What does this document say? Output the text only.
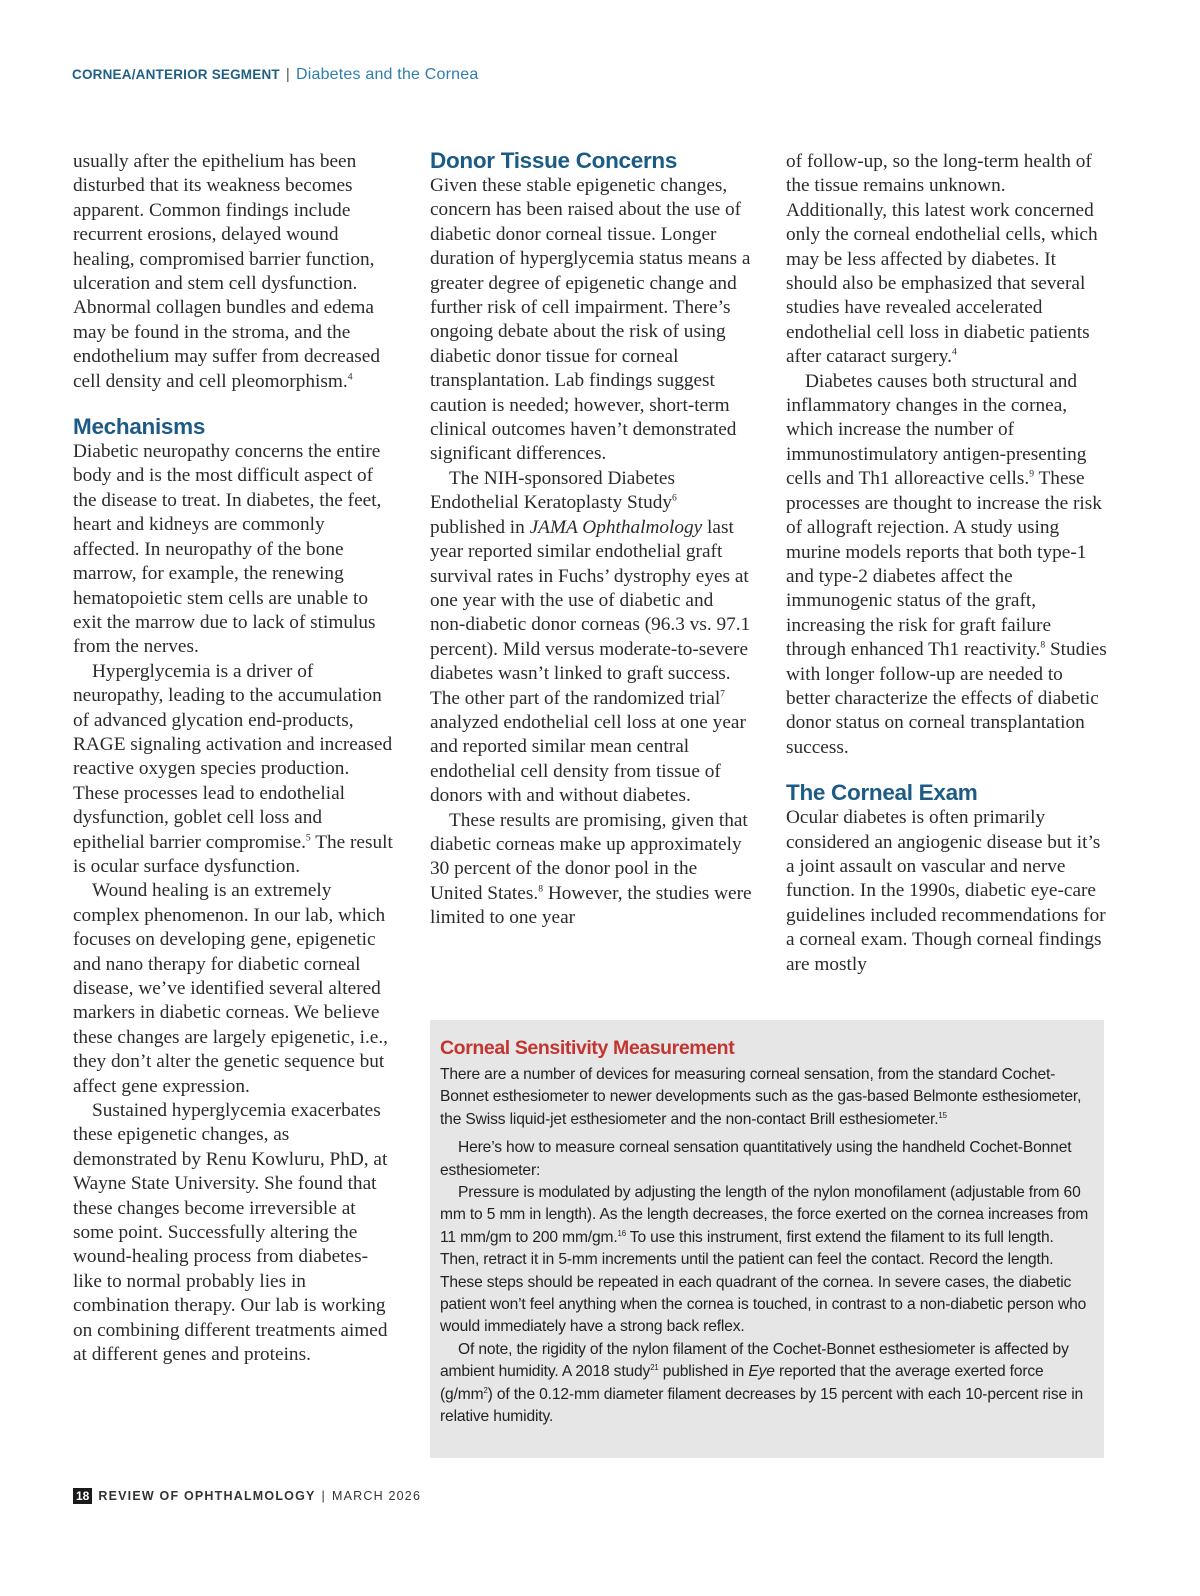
CORNEA/ANTERIOR SEGMENT | Diabetes and the Cornea

usually after the epithelium has been disturbed that its weakness becomes apparent. Common findings include recurrent erosions, delayed wound healing, compromised barrier function, ulceration and stem cell dysfunction. Abnormal collagen bundles and edema may be found in the stroma, and the endothelium may suffer from decreased cell density and cell pleomorphism.$^4$

Mechanisms

Diabetic neuropathy concerns the entire body and is the most difficult aspect of the disease to treat. In diabetes, the feet, heart and kidneys are commonly affected. In neuropathy of the bone marrow, for example, the renewing hematopoietic stem cells are unable to exit the marrow due to lack of stimulus from the nerves.

Hyperglycemia is a driver of neuropathy, leading to the accumulation of advanced glycation end-products, RAGE signaling activation and increased reactive oxygen species production. These processes lead to endothelial dysfunction, goblet cell loss and epithelial barrier compromise.$^5$ The result is ocular surface dysfunction.

Wound healing is an extremely complex phenomenon. In our lab, which focuses on developing gene, epigenetic and nano therapy for diabetic corneal disease, we’ve identified several altered markers in diabetic corneas. We believe these changes are largely epigenetic, i.e., they don’t alter the genetic sequence but affect gene expression.

Sustained hyperglycemia exacerbates these epigenetic changes, as demonstrated by Renu Kowluru, PhD, at Wayne State University. She found that these changes become irreversible at some point. Successfully altering the wound-healing process from diabetes-like to normal probably lies in combination therapy. Our lab is working on combining different treatments aimed at different genes and proteins.

Donor Tissue Concerns

Given these stable epigenetic changes, concern has been raised about the use of diabetic donor corneal tissue. Longer duration of hyperglycemia status means a greater degree of epigenetic change and further risk of cell impairment. There’s ongoing debate about the risk of using diabetic donor tissue for corneal transplantation. Lab findings suggest caution is needed; however, short-term clinical outcomes haven’t demonstrated significant differences.

The NIH-sponsored Diabetes Endothelial Keratoplasty Study$^6$ published in JAMA Ophthalmology last year reported similar endothelial graft survival rates in Fuchs’ dystrophy eyes at one year with the use of diabetic and non-diabetic donor corneas (96.3 vs. 97.1 percent). Mild versus moderate-to-severe diabetes wasn’t linked to graft success. The other part of the randomized trial$^7$ analyzed endothelial cell loss at one year and reported similar mean central endothelial cell density from tissue of donors with and without diabetes.

These results are promising, given that diabetic corneas make up approximately 30 percent of the donor pool in the United States.$^8$ However, the studies were limited to one year

of follow-up, so the long-term health of the tissue remains unknown. Additionally, this latest work concerned only the corneal endothelial cells, which may be less affected by diabetes. It should also be emphasized that several studies have revealed accelerated endothelial cell loss in diabetic patients after cataract surgery.$^4$

Diabetes causes both structural and inflammatory changes in the cornea, which increase the number of immunostimulatory antigen-presenting cells and Th1 alloreactive cells.$^9$ These processes are thought to increase the risk of allograft rejection. A study using murine models reports that both type-1 and type-2 diabetes affect the immunogenic status of the graft, increasing the risk for graft failure through enhanced Th1 reactivity.$^8$ Studies with longer follow-up are needed to better characterize the effects of diabetic donor status on corneal transplantation success.

The Corneal Exam

Ocular diabetes is often primarily considered an angiogenic disease but it’s a joint assault on vascular and nerve function. In the 1990s, diabetic eye-care guidelines included recommendations for a corneal exam. Though corneal findings are mostly

Corneal Sensitivity Measurement

There are a number of devices for measuring corneal sensation, from the standard Cochet-Bonnet esthesiometer to newer developments such as the gas-based Belmonte esthesiometer, the Swiss liquid-jet esthesiometer and the non-contact Brill esthesiometer.$^{15}$

Here’s how to measure corneal sensation quantitatively using the handheld Cochet-Bonnet esthesiometer:

Pressure is modulated by adjusting the length of the nylon monofilament (adjustable from 60 mm to 5 mm in length). As the length decreases, the force exerted on the cornea increases from 11 mm/gm to 200 mm/gm.$^{16}$ To use this instrument, first extend the filament to its full length. Then, retract it in 5-mm increments until the patient can feel the contact. Record the length. These steps should be repeated in each quadrant of the cornea. In severe cases, the diabetic patient won’t feel anything when the cornea is touched, in contrast to a non-diabetic person who would immediately have a strong back reflex.

Of note, the rigidity of the nylon filament of the Cochet-Bonnet esthesiometer is affected by ambient humidity. A 2018 study$^{21}$ published in Eye reported that the average exerted force $(g/mm^2)$ of the 0.12-mm diameter filament decreases by 15 percent with each 10-percent rise in relative humidity.

18 REVIEW OF OPHTHALMOLOGY | MARCH 2026
